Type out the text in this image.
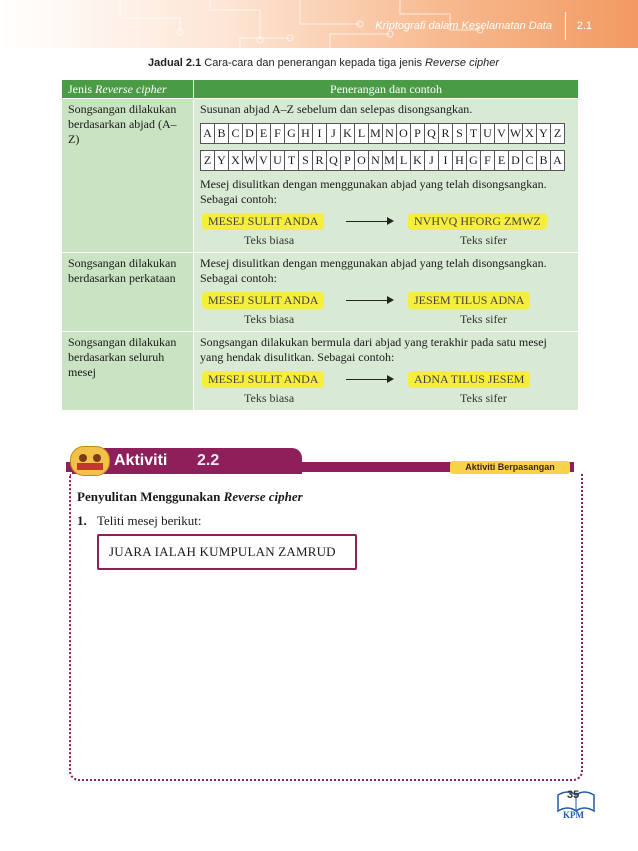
Kriptografi dalam Keselamatan Data 2.1
Jadual 2.1 Cara-cara dan penerangan kepada tiga jenis Reverse cipher
Jenis Reverse cipher	Penerangan dan contoh
Songsangan dilakukan berdasarkan abjad (A–Z)	
Susunan abjad A–Z sebelum dan selepas disongsangkan.
A	B	C	D	E	F	G	H	I	J	K	L	M	N	O	P	Q	R	S	T	U	V	W	X	Y	Z
Z	Y	X	W	V	U	T	S	R	Q	P	O	N	M	L	K	J	I	H	G	F	E	D	C	B	A
Mesej disulitkan dengan menggunakan abjad yang telah disongsangkan. Sebagai contoh:
MESEJ SULIT ANDA	NVHVQ HFORG ZMWZ
Teks biasa	Teks sifer

Songsangan dilakukan berdasarkan perkataan	
Mesej disulitkan dengan menggunakan abjad yang telah disongsangkan. Sebagai contoh:
MESEJ SULIT ANDA	JESEM TILUS ADNA
Teks biasa	Teks sifer

Songsangan dilakukan berdasarkan seluruh mesej	
Songsangan dilakukan bermula dari abjad yang terakhir pada satu mesej yang hendak disulitkan. Sebagai contoh:
MESEJ SULIT ANDA	ADNA TILUS JESEM
Teks biasa	Teks sifer
Aktiviti 2.2	Aktiviti Berpasangan
Penyulitan Menggunakan Reverse cipher
1. Teliti mesej berikut:
JUARA IALAH KUMPULAN ZAMRUD
35
KPM
